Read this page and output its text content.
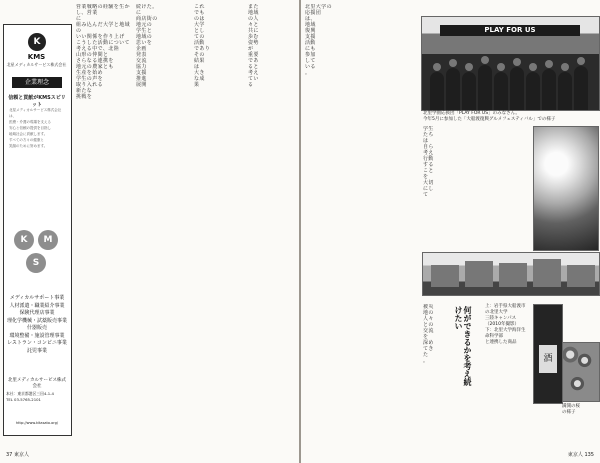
K
KMS
北星メディカルサービス株式会社
企業理念
信頼と貢献がKMSスピリット
北星メディカルサービス株式会社は、
医療・介護の現場を支える
安心と信頼の提供を目指し
地域社会に貢献します。
すべての方々の健康と
笑顔のために努めます。
K	M
S
メディカルサポート事業
人材派遣・職業紹介事業
保険代理店事業
理化学機械・試薬販売事業
什器販売
環境整備・施設管理事業
レストラン・コンビニ事業
託児事業
北里メディカルサービス株式会社
本社：東京都港区三田4-1-4
TEL 03-5765-2101
http://www.kitasato.org/
営業戦略の経験を生かし、営業
に
組み込んだ大学と地域の
いい関係を作り上げ
こうした活動について
考える中で、北陸
山形の仲間と
さらなる連携を
地元の農家とも
生産を始め
学生の声を
取り入れる
新たな
挑戦を
続けた。
に
商店街の
地元の
学生と
地域の
思いを
企画
発表
交流
協力
支援
推進
展開
これ
でも
のは
大学
とし
ての
活動
であり
その
結果
は
大き
な成
果
また
地域
の人
々と
共に
歩む
姿勢
が
重要
であ
ると
考え
てい
る
37 東京人
北里大学の
応援団
は、
地域
復興
支援
活動
にも
参加
して
いる
。
PLAY FOR US
北里学園応援団「PLAY FOR US」のみなさん。
今年5月に参加した「大船渡復興グルメフェスティバル」での様子
学生
たち
は
自ら
考え
行動
する
こと
を
大切
にし
て
何ができるかを考え続けたい
被災
地の
人々
との
交流
を
深め
てき
た
。	酒
上：岩手県大船渡市の北里大学
三陸キャンパス（2010年撮影）
下：北里大学海洋生命科学部
と連携した商品
満開の桜
の様子
東京人 135
